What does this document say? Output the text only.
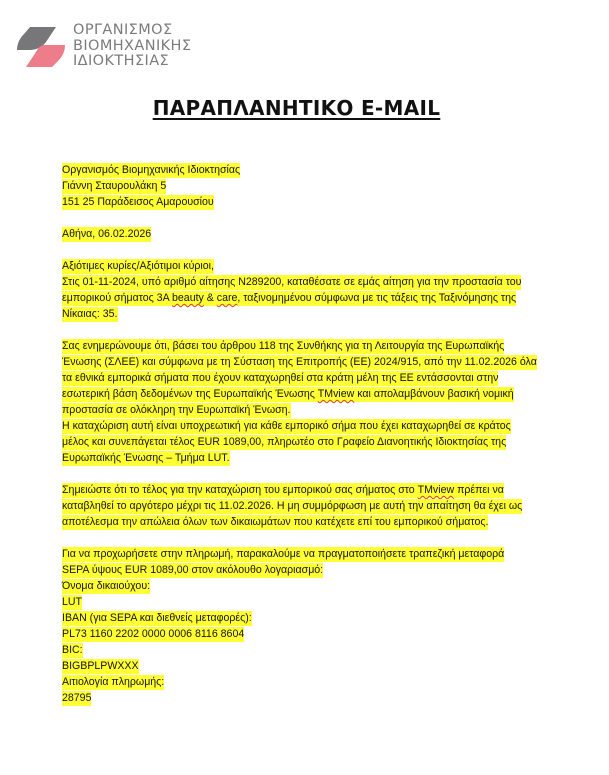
ΟΡΓΑΝΙΣΜΟΣ
ΒΙΟΜΗΧΑΝΙΚΗΣ
ΙΔΙΟΚΤΗΣΙΑΣ
ΠΑΡΑΠΛΑΝΗΤΙΚΟ E-MAIL
Οργανισμός Βιομηχανικής Ιδιοκτησίας
Γιάννη Σταυρουλάκη 5
151 25 Παράδεισος Αμαρουσίου
Αθήνα, 06.02.2026
Αξιότιμες κυρίες/Αξιότιμοι κύριοι,
Στις 01-11-2024, υπό αριθμό αίτησης N289200, καταθέσατε σε εμάς αίτηση για την προστασία του
εμπορικού σήματος 3A beauty & care, ταξινομημένου σύμφωνα με τις τάξεις της Ταξινόμησης της
Νίκαιας: 35.
Σας ενημερώνουμε ότι, βάσει του άρθρου 118 της Συνθήκης για τη Λειτουργία της Ευρωπαϊκής
Ένωσης (ΣΛΕΕ) και σύμφωνα με τη Σύσταση της Επιτροπής (ΕΕ) 2024/915, από την 11.02.2026 όλα
τα εθνικά εμπορικά σήματα που έχουν καταχωρηθεί στα κράτη μέλη της ΕΕ εντάσσονται στην
εσωτερική βάση δεδομένων της Ευρωπαϊκής Ένωσης TMview και απολαμβάνουν βασική νομική
προστασία σε ολόκληρη την Ευρωπαϊκή Ένωση.
Η καταχώριση αυτή είναι υποχρεωτική για κάθε εμπορικό σήμα που έχει καταχωρηθεί σε κράτος
μέλος και συνεπάγεται τέλος EUR 1089,00, πληρωτέο στο Γραφείο Διανοητικής Ιδιοκτησίας της
Ευρωπαϊκής Ένωσης – Τμήμα LUT.
Σημειώστε ότι το τέλος για την καταχώριση του εμπορικού σας σήματος στο TMview πρέπει να
καταβληθεί το αργότερο μέχρι τις 11.02.2026. Η μη συμμόρφωση με αυτή την απαίτηση θα έχει ως
αποτέλεσμα την απώλεια όλων των δικαιωμάτων που κατέχετε επί του εμπορικού σήματος.
Για να προχωρήσετε στην πληρωμή, παρακαλούμε να πραγματοποιήσετε τραπεζική μεταφορά
SEPA ύψους EUR 1089,00 στον ακόλουθο λογαριασμό:
Όνομα δικαιούχου:
LUT
IBAN (για SEPA και διεθνείς μεταφορές):
PL73 1160 2202 0000 0006 8116 8604
BIC:
BIGBPLPWXXX
Αιτιολογία πληρωμής:
28795
